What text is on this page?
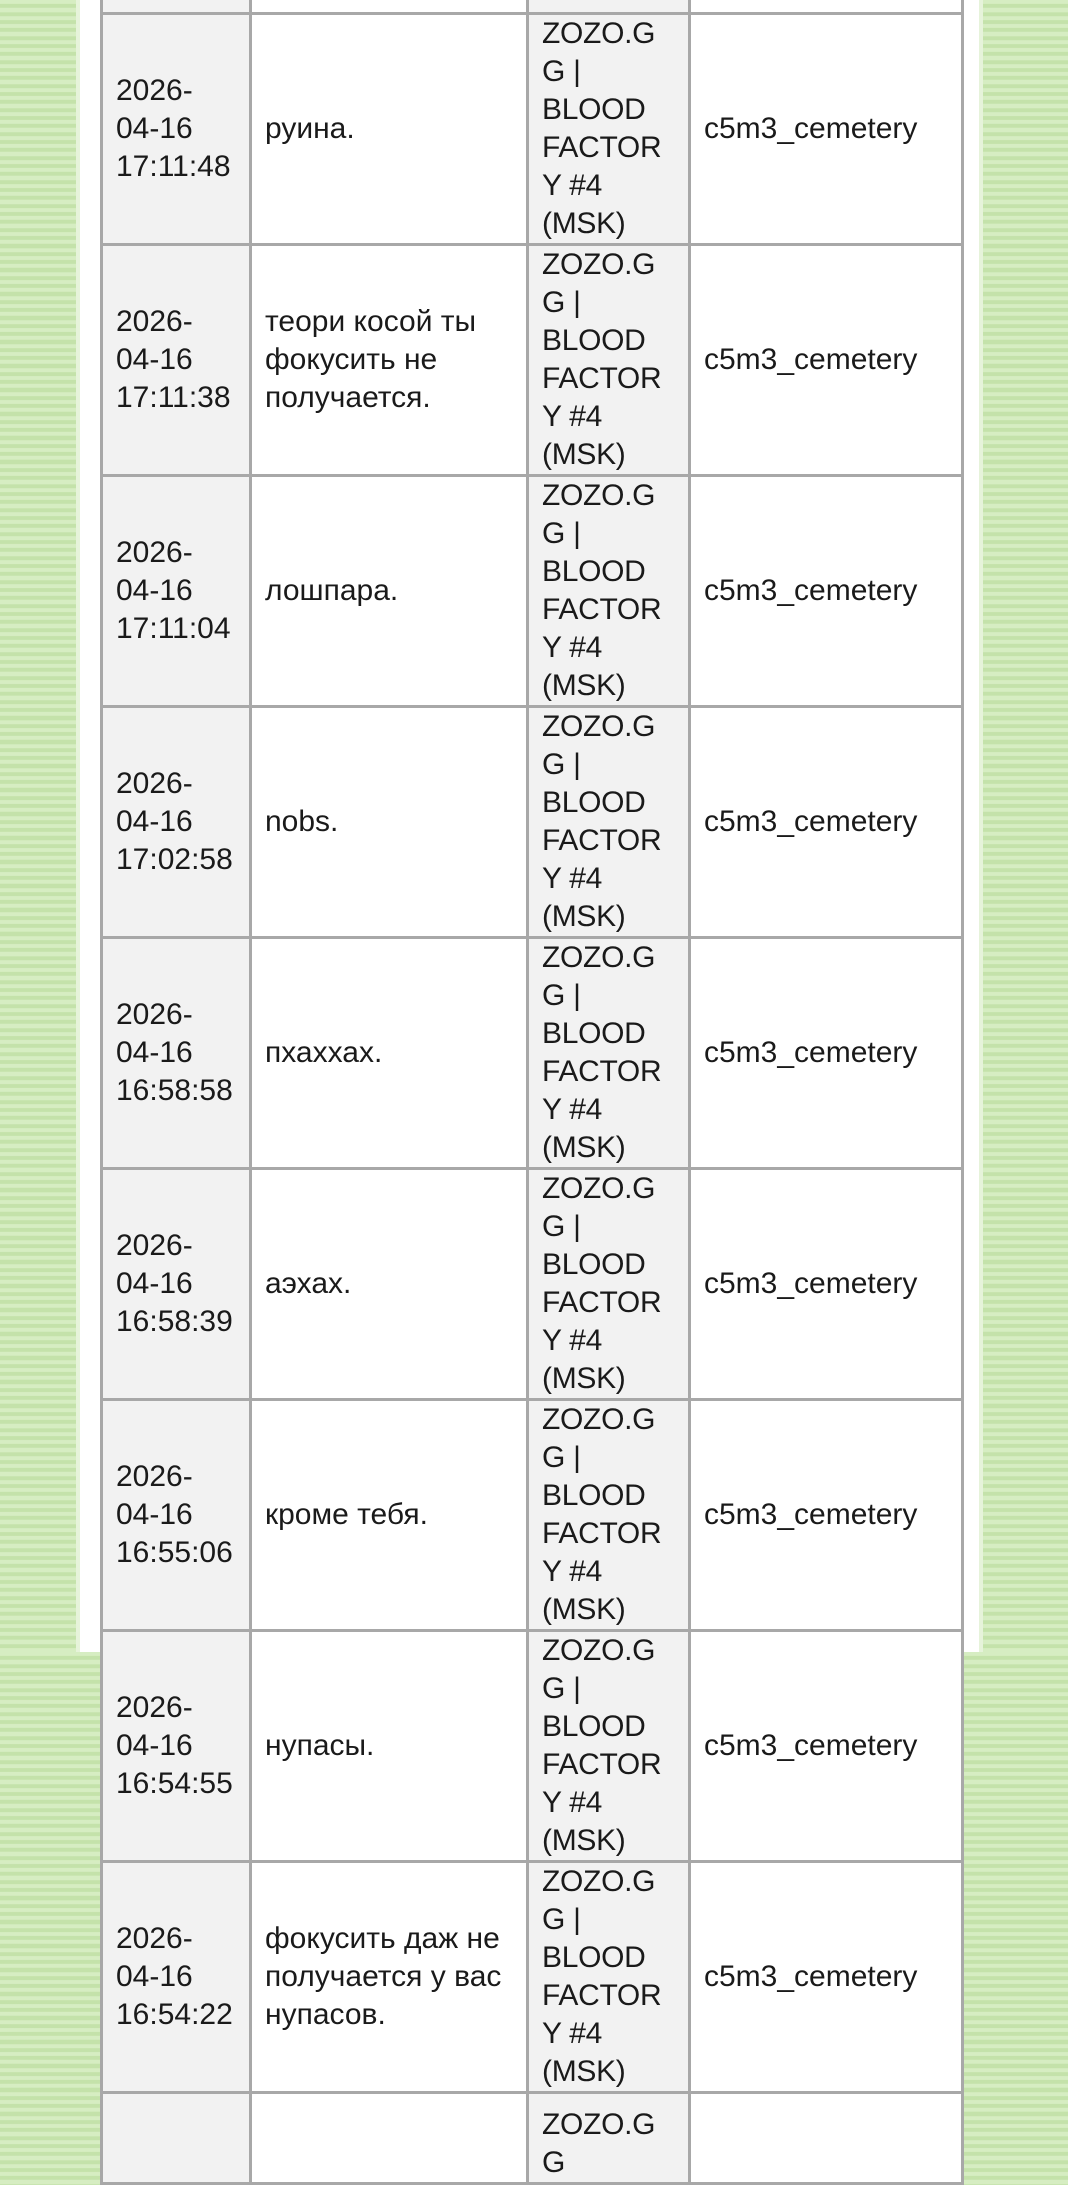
2026-
04-16
17:11:48	руина.	ZOZO.GG | BLOOD FACTORY #4 (MSK)	c5m3_cemetery

2026-
04-16
17:11:38	теори косой ты фокусить не получается.	ZOZO.GG | BLOOD FACTORY #4 (MSK)	c5m3_cemetery

2026-
04-16
17:11:04	лошпара.	ZOZO.GG | BLOOD FACTORY #4 (MSK)	c5m3_cemetery

2026-
04-16
17:02:58	nobs.	ZOZO.GG | BLOOD FACTORY #4 (MSK)	c5m3_cemetery

2026-
04-16
16:58:58	пхаххах.	ZOZO.GG | BLOOD FACTORY #4 (MSK)	c5m3_cemetery

2026-
04-16
16:58:39	аэхах.	ZOZO.GG | BLOOD FACTORY #4 (MSK)	c5m3_cemetery

2026-
04-16
16:55:06	кроме тебя.	ZOZO.GG | BLOOD FACTORY #4 (MSK)	c5m3_cemetery

2026-
04-16
16:54:55	нупасы.	ZOZO.GG | BLOOD FACTORY #4 (MSK)	c5m3_cemetery

2026-
04-16
16:54:22	фокусить даж не получается у вас нупасов.	ZOZO.GG | BLOOD FACTORY #4 (MSK)	c5m3_cemetery

		ZOZO.GG	
